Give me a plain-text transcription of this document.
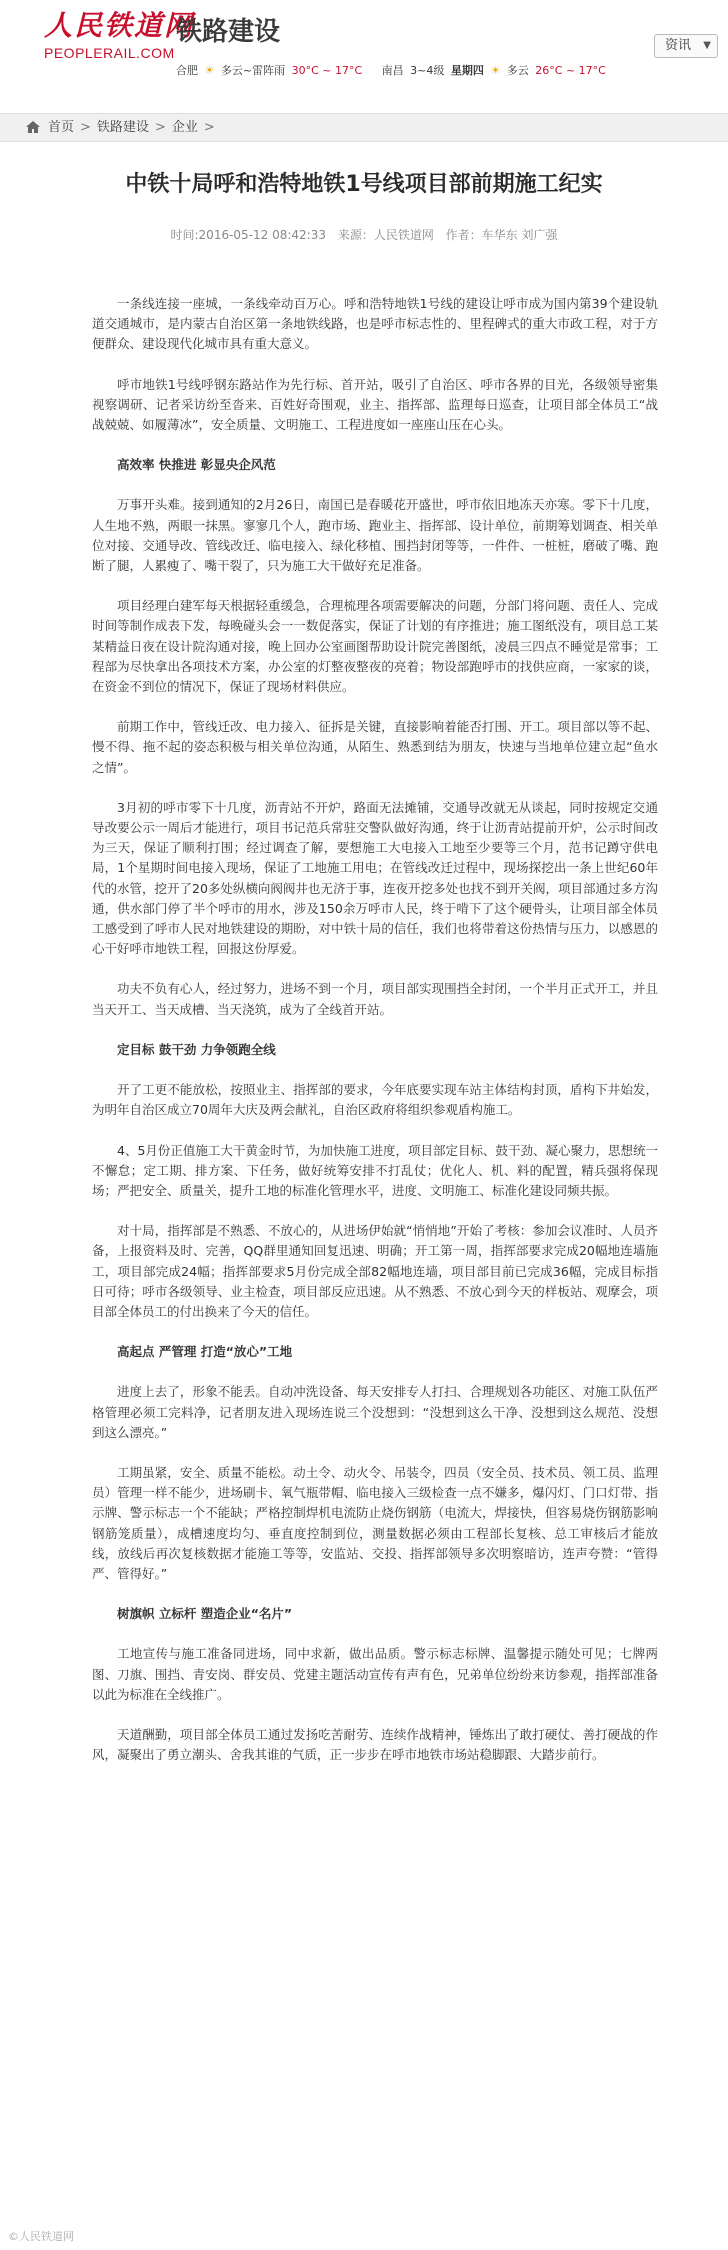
人民铁道网
PEOPLERAIL.COM
铁路建设
合肥 ☀ 多云~雷阵雨 30°C ~ 17°C 南昌 3~4级 星期四 ☀ 多云 26°C ~ 17°C
资讯 ▼
首页 > 铁路建设 > 企业 >
中铁十局呼和浩特地铁1号线项目部前期施工纪实
时间:2016-05-12 08:42:33 来源：人民铁道网 作者：车华东 刘广强

一条线连接一座城，一条线牵动百万心。呼和浩特地铁1号线的建设让呼市成为国内第39个建设轨道交通城市，是内蒙古自治区第一条地铁线路，也是呼市标志性的、里程碑式的重大市政工程，对于方便群众、建设现代化城市具有重大意义。

呼市地铁1号线呼钢东路站作为先行标、首开站，吸引了自治区、呼市各界的目光，各级领导密集视察调研、记者采访纷至沓来、百姓好奇围观，业主、指挥部、监理每日巡查，让项目部全体员工“战战兢兢、如履薄冰”，安全质量、文明施工、工程进度如一座座山压在心头。

高效率 快推进 彰显央企风范

万事开头难。接到通知的2月26日，南国已是春暖花开盛世，呼市依旧地冻天亦寒。零下十几度，人生地不熟，两眼一抹黑。寥寥几个人，跑市场、跑业主、指挥部、设计单位，前期筹划调查、相关单位对接、交通导改、管线改迁、临电接入、绿化移植、围挡封闭等等，一件件、一桩桩，磨破了嘴、跑断了腿，人累瘦了、嘴干裂了，只为施工大干做好充足准备。

项目经理白建军每天根据轻重缓急，合理梳理各项需要解决的问题，分部门将问题、责任人、完成时间等制作成表下发，每晚碰头会一一数促落实，保证了计划的有序推进；施工图纸没有，项目总工某某精益日夜在设计院沟通对接，晚上回办公室画图帮助设计院完善图纸，凌晨三四点不睡觉是常事；工程部为尽快拿出各项技术方案，办公室的灯整夜整夜的亮着；物设部跑呼市的找供应商，一家家的谈，在资金不到位的情况下，保证了现场材料供应。

前期工作中，管线迁改、电力接入、征拆是关键，直接影响着能否打围、开工。项目部以等不起、慢不得、拖不起的姿态积极与相关单位沟通，从陌生、熟悉到结为朋友，快速与当地单位建立起“鱼水之情”。

3月初的呼市零下十几度，沥青站不开炉，路面无法摊铺，交通导改就无从谈起，同时按规定交通导改要公示一周后才能进行，项目书记范兵常驻交警队做好沟通，终于让沥青站提前开炉，公示时间改为三天，保证了顺利打围；经过调查了解，要想施工大电接入工地至少要等三个月，范书记蹲守供电局，1个星期时间电接入现场，保证了工地施工用电；在管线改迁过程中，现场探挖出一条上世纪60年代的水管，挖开了20多处纵横向阀阀井也无济于事，连夜开挖多处也找不到开关阀，项目部通过多方沟通，供水部门停了半个呼市的用水，涉及150余万呼市人民，终于啃下了这个硬骨头，让项目部全体员工感受到了呼市人民对地铁建设的期盼，对中铁十局的信任，我们也将带着这份热情与压力，以感恩的心干好呼市地铁工程，回报这份厚爱。

功夫不负有心人，经过努力，进场不到一个月，项目部实现围挡全封闭，一个半月正式开工，并且当天开工、当天成槽、当天浇筑，成为了全线首开站。

定目标 鼓干劲 力争领跑全线

开了工更不能放松，按照业主、指挥部的要求，今年底要实现车站主体结构封顶，盾构下井始发，为明年自治区成立70周年大庆及两会献礼，自治区政府将组织参观盾构施工。

4、5月份正值施工大干黄金时节，为加快施工进度，项目部定目标、鼓干劲、凝心聚力，思想统一不懈怠；定工期、排方案、下任务，做好统筹安排不打乱仗；优化人、机、料的配置，精兵强将保现场；严把安全、质量关，提升工地的标准化管理水平，进度、文明施工、标准化建设同频共振。

对十局，指挥部是不熟悉、不放心的，从进场伊始就“悄悄地”开始了考核：参加会议准时、人员齐备，上报资料及时、完善，QQ群里通知回复迅速、明确；开工第一周，指挥部要求完成20幅地连墙施工，项目部完成24幅；指挥部要求5月份完成全部82幅地连墙，项目部目前已完成36幅，完成目标指日可待；呼市各级领导、业主检查，项目部反应迅速。从不熟悉、不放心到今天的样板站、观摩会，项目部全体员工的付出换来了今天的信任。

高起点 严管理 打造“放心”工地

进度上去了，形象不能丢。自动冲洗设备、每天安排专人打扫、合理规划各功能区、对施工队伍严格管理必须工完料净，记者朋友进入现场连说三个没想到：“没想到这么干净、没想到这么规范、没想到这么漂亮。”

工期虽紧，安全、质量不能松。动土令、动火令、吊装令，四员（安全员、技术员、领工员、监理员）管理一样不能少，进场刷卡、氧气瓶带帽、临电接入三级检查一点不嫌多，爆闪灯、门口灯带、指示牌、警示标志一个不能缺；严格控制焊机电流防止烧伤钢筋（电流大，焊接快，但容易烧伤钢筋影响钢筋笼质量），成槽速度均匀、垂直度控制到位，测量数据必须由工程部长复核、总工审核后才能放线，放线后再次复核数据才能施工等等，安监站、交投、指挥部领导多次明察暗访，连声夸赞：“管得严、管得好。”

树旗帜 立标杆 塑造企业“名片”

工地宣传与施工准备同进场，同中求新，做出品质。警示标志标牌、温馨提示随处可见；七牌两图、刀旗、围挡、青安岗、群安员、党建主题活动宣传有声有色，兄弟单位纷纷来访参观，指挥部准备以此为标准在全线推广。

天道酬勤，项目部全体员工通过发扬吃苦耐劳、连续作战精神，锤炼出了敢打硬仗、善打硬战的作风，凝聚出了勇立潮头、舍我其谁的气质，正一步步在呼市地铁市场站稳脚跟、大踏步前行。

©人民铁道网
